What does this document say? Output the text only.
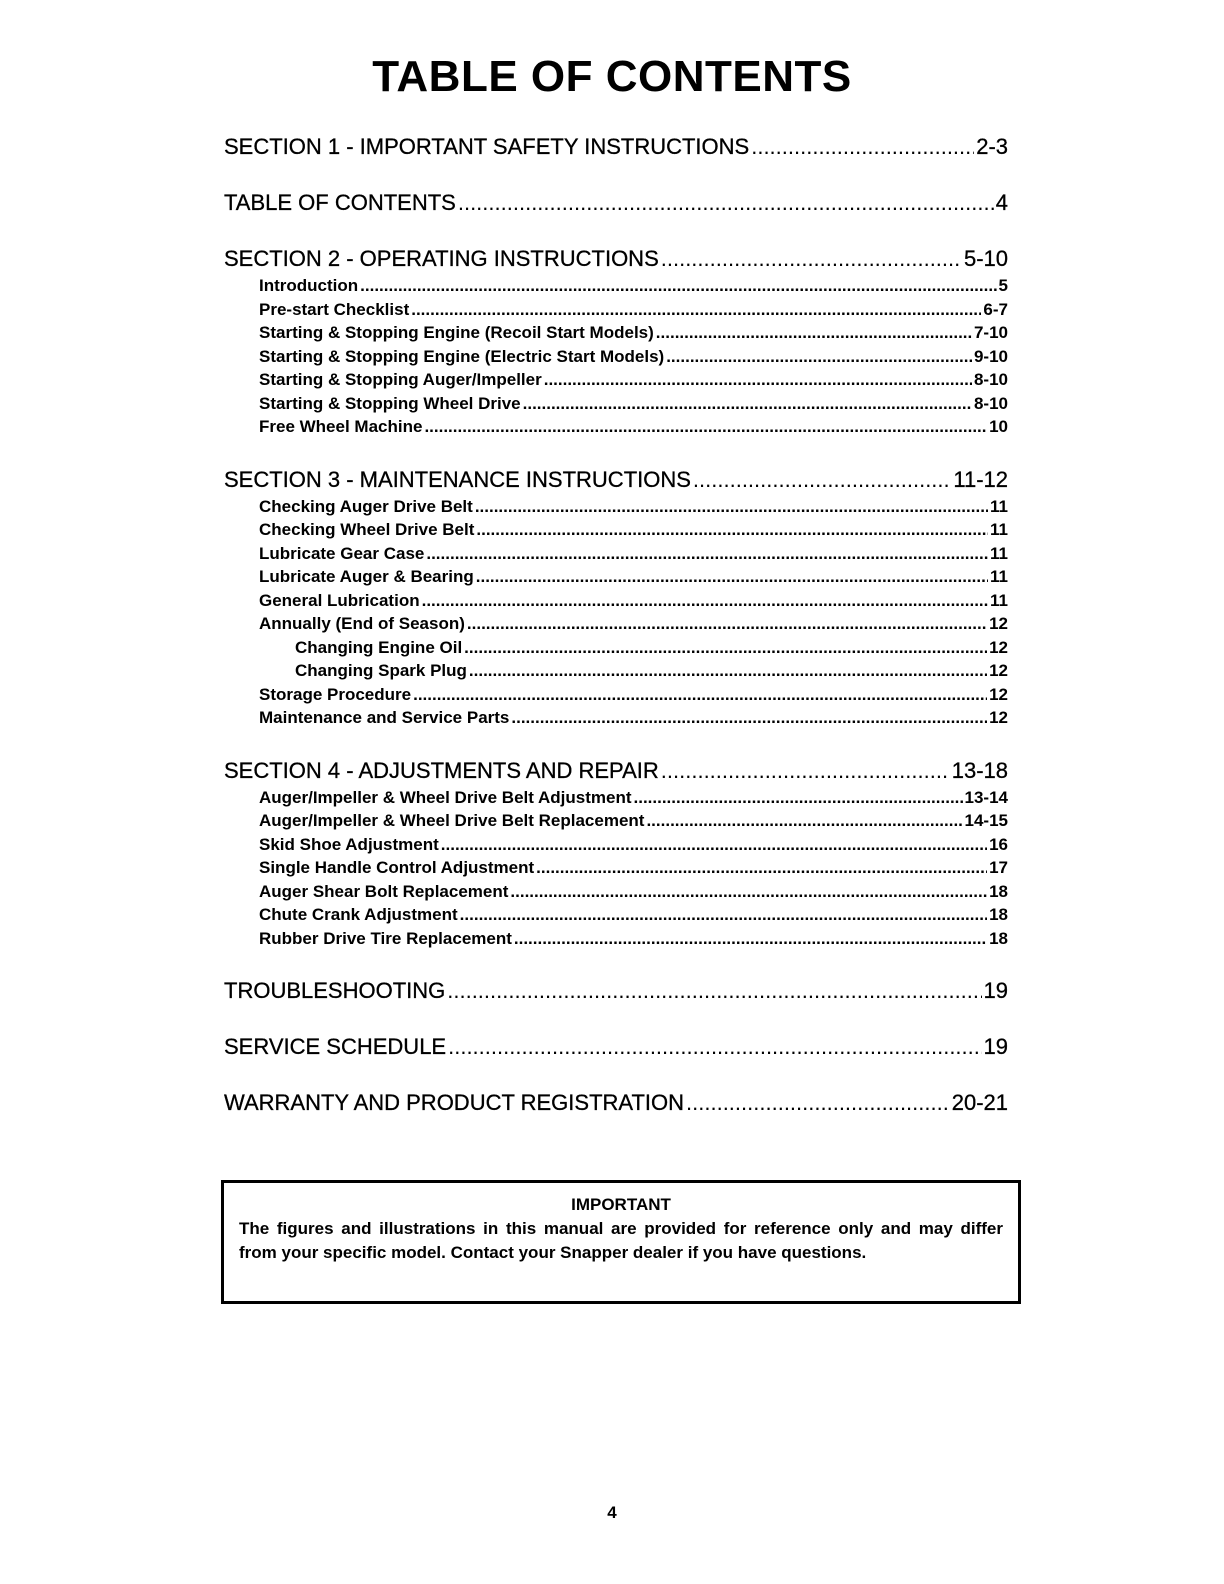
TABLE OF CONTENTS
SECTION 1 - IMPORTANT SAFETY INSTRUCTIONS .....	2-3
TABLE OF CONTENTS .....	4
SECTION 2 - OPERATING INSTRUCTIONS .....	5-10
Introduction .....	5
Pre-start Checklist .....	6-7
Starting & Stopping Engine (Recoil Start Models) .....	7-10
Starting & Stopping Engine (Electric Start Models) .....	9-10
Starting & Stopping Auger/Impeller .....	8-10
Starting & Stopping Wheel Drive .....	8-10
Free Wheel Machine .....	10
SECTION 3 - MAINTENANCE INSTRUCTIONS .....	11-12
Checking Auger Drive Belt .....	11
Checking Wheel Drive Belt .....	11
Lubricate Gear Case .....	11
Lubricate Auger & Bearing .....	11
General Lubrication .....	11
Annually (End of Season) .....	12
Changing Engine Oil .....	12
Changing Spark Plug .....	12
Storage Procedure .....	12
Maintenance and Service Parts .....	12
SECTION 4 - ADJUSTMENTS AND REPAIR .....	13-18
Auger/Impeller & Wheel Drive Belt Adjustment .....	13-14
Auger/Impeller & Wheel Drive Belt Replacement .....	14-15
Skid Shoe Adjustment .....	16
Single Handle Control Adjustment .....	17
Auger Shear Bolt Replacement .....	18
Chute Crank Adjustment .....	18
Rubber Drive Tire Replacement .....	18
TROUBLESHOOTING .....	19
SERVICE SCHEDULE .....	19
WARRANTY AND PRODUCT REGISTRATION .....	20-21
IMPORTANT
The figures and illustrations in this manual are provided for reference only and may differ from your specific model. Contact your Snapper dealer if you have questions.
4
